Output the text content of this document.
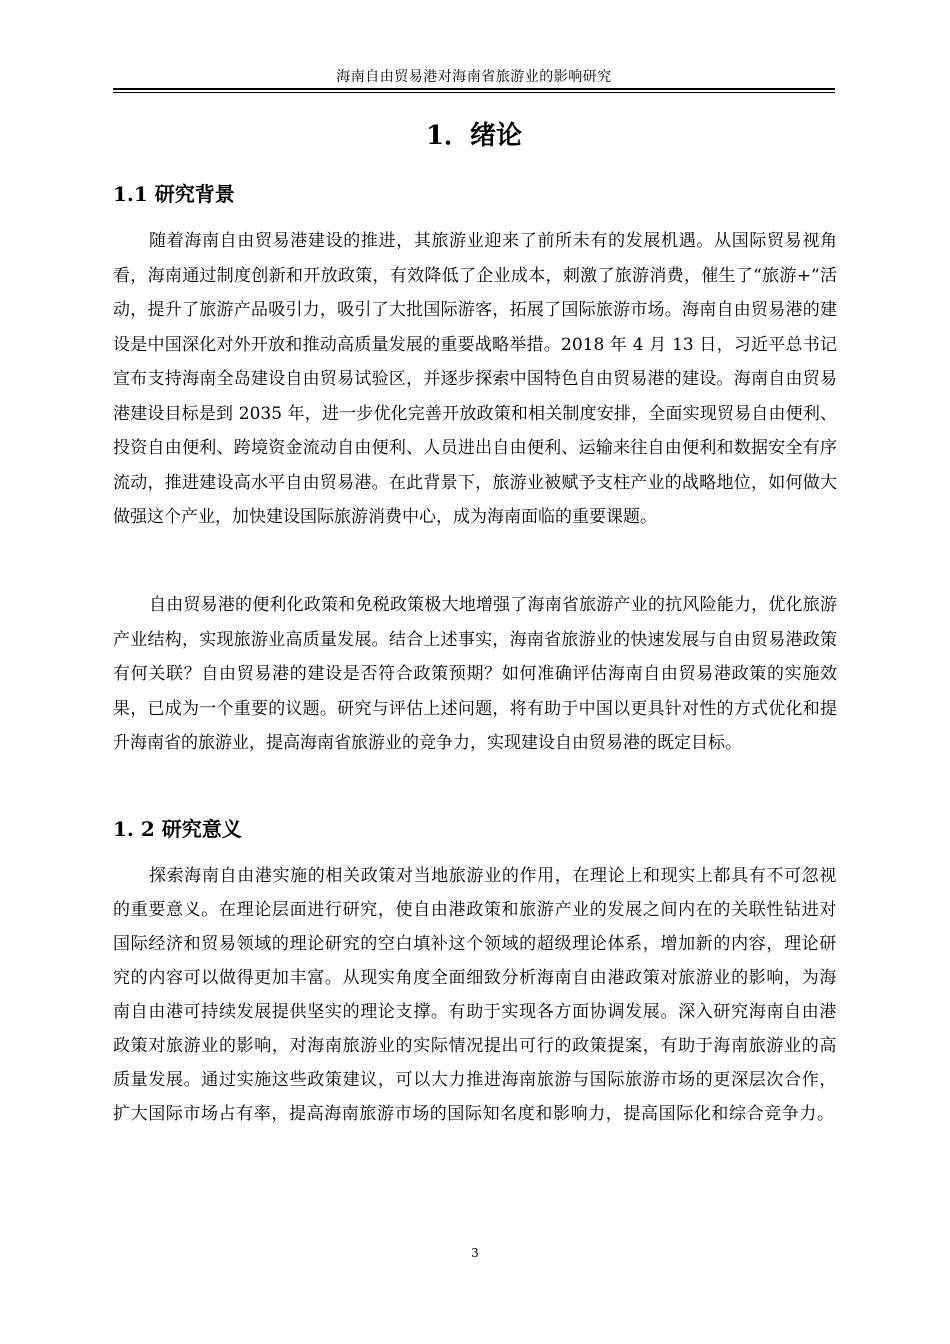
海南自由贸易港对海南省旅游业的影响研究
1．绪论
1.1 研究背景

随着海南自由贸易港建设的推进，其旅游业迎来了前所未有的发展机遇。从国际贸易视角看，海南通过制度创新和开放政策，有效降低了企业成本，刺激了旅游消费，催生了“旅游+”活动，提升了旅游产品吸引力，吸引了大批国际游客，拓展了国际旅游市场。海南自由贸易港的建设是中国深化对外开放和推动高质量发展的重要战略举措。2018 年 4 月 13 日，习近平总书记宣布支持海南全岛建设自由贸易试验区，并逐步探索中国特色自由贸易港的建设。海南自由贸易港建设目标是到 2035 年，进一步优化完善开放政策和相关制度安排，全面实现贸易自由便利、投资自由便利、跨境资金流动自由便利、人员进出自由便利、运输来往自由便利和数据安全有序流动，推进建设高水平自由贸易港。在此背景下，旅游业被赋予支柱产业的战略地位，如何做大做强这个产业，加快建设国际旅游消费中心，成为海南面临的重要课题。

自由贸易港的便利化政策和免税政策极大地增强了海南省旅游产业的抗风险能力，优化旅游产业结构，实现旅游业高质量发展。结合上述事实，海南省旅游业的快速发展与自由贸易港政策有何关联？自由贸易港的建设是否符合政策预期？如何准确评估海南自由贸易港政策的实施效果，已成为一个重要的议题。研究与评估上述问题，将有助于中国以更具针对性的方式优化和提升海南省的旅游业，提高海南省旅游业的竞争力，实现建设自由贸易港的既定目标。

1. 2 研究意义

探索海南自由港实施的相关政策对当地旅游业的作用，在理论上和现实上都具有不可忽视的重要意义。在理论层面进行研究，使自由港政策和旅游产业的发展之间内在的关联性钻进对国际经济和贸易领域的理论研究的空白填补这个领域的超级理论体系，增加新的内容，理论研究的内容可以做得更加丰富。从现实角度全面细致分析海南自由港政策对旅游业的影响，为海南自由港可持续发展提供坚实的理论支撑。有助于实现各方面协调发展。深入研究海南自由港政策对旅游业的影响，对海南旅游业的实际情况提出可行的政策提案，有助于海南旅游业的高质量发展。通过实施这些政策建议，可以大力推进海南旅游与国际旅游市场的更深层次合作，扩大国际市场占有率，提高海南旅游市场的国际知名度和影响力，提高国际化和综合竞争力。

3
